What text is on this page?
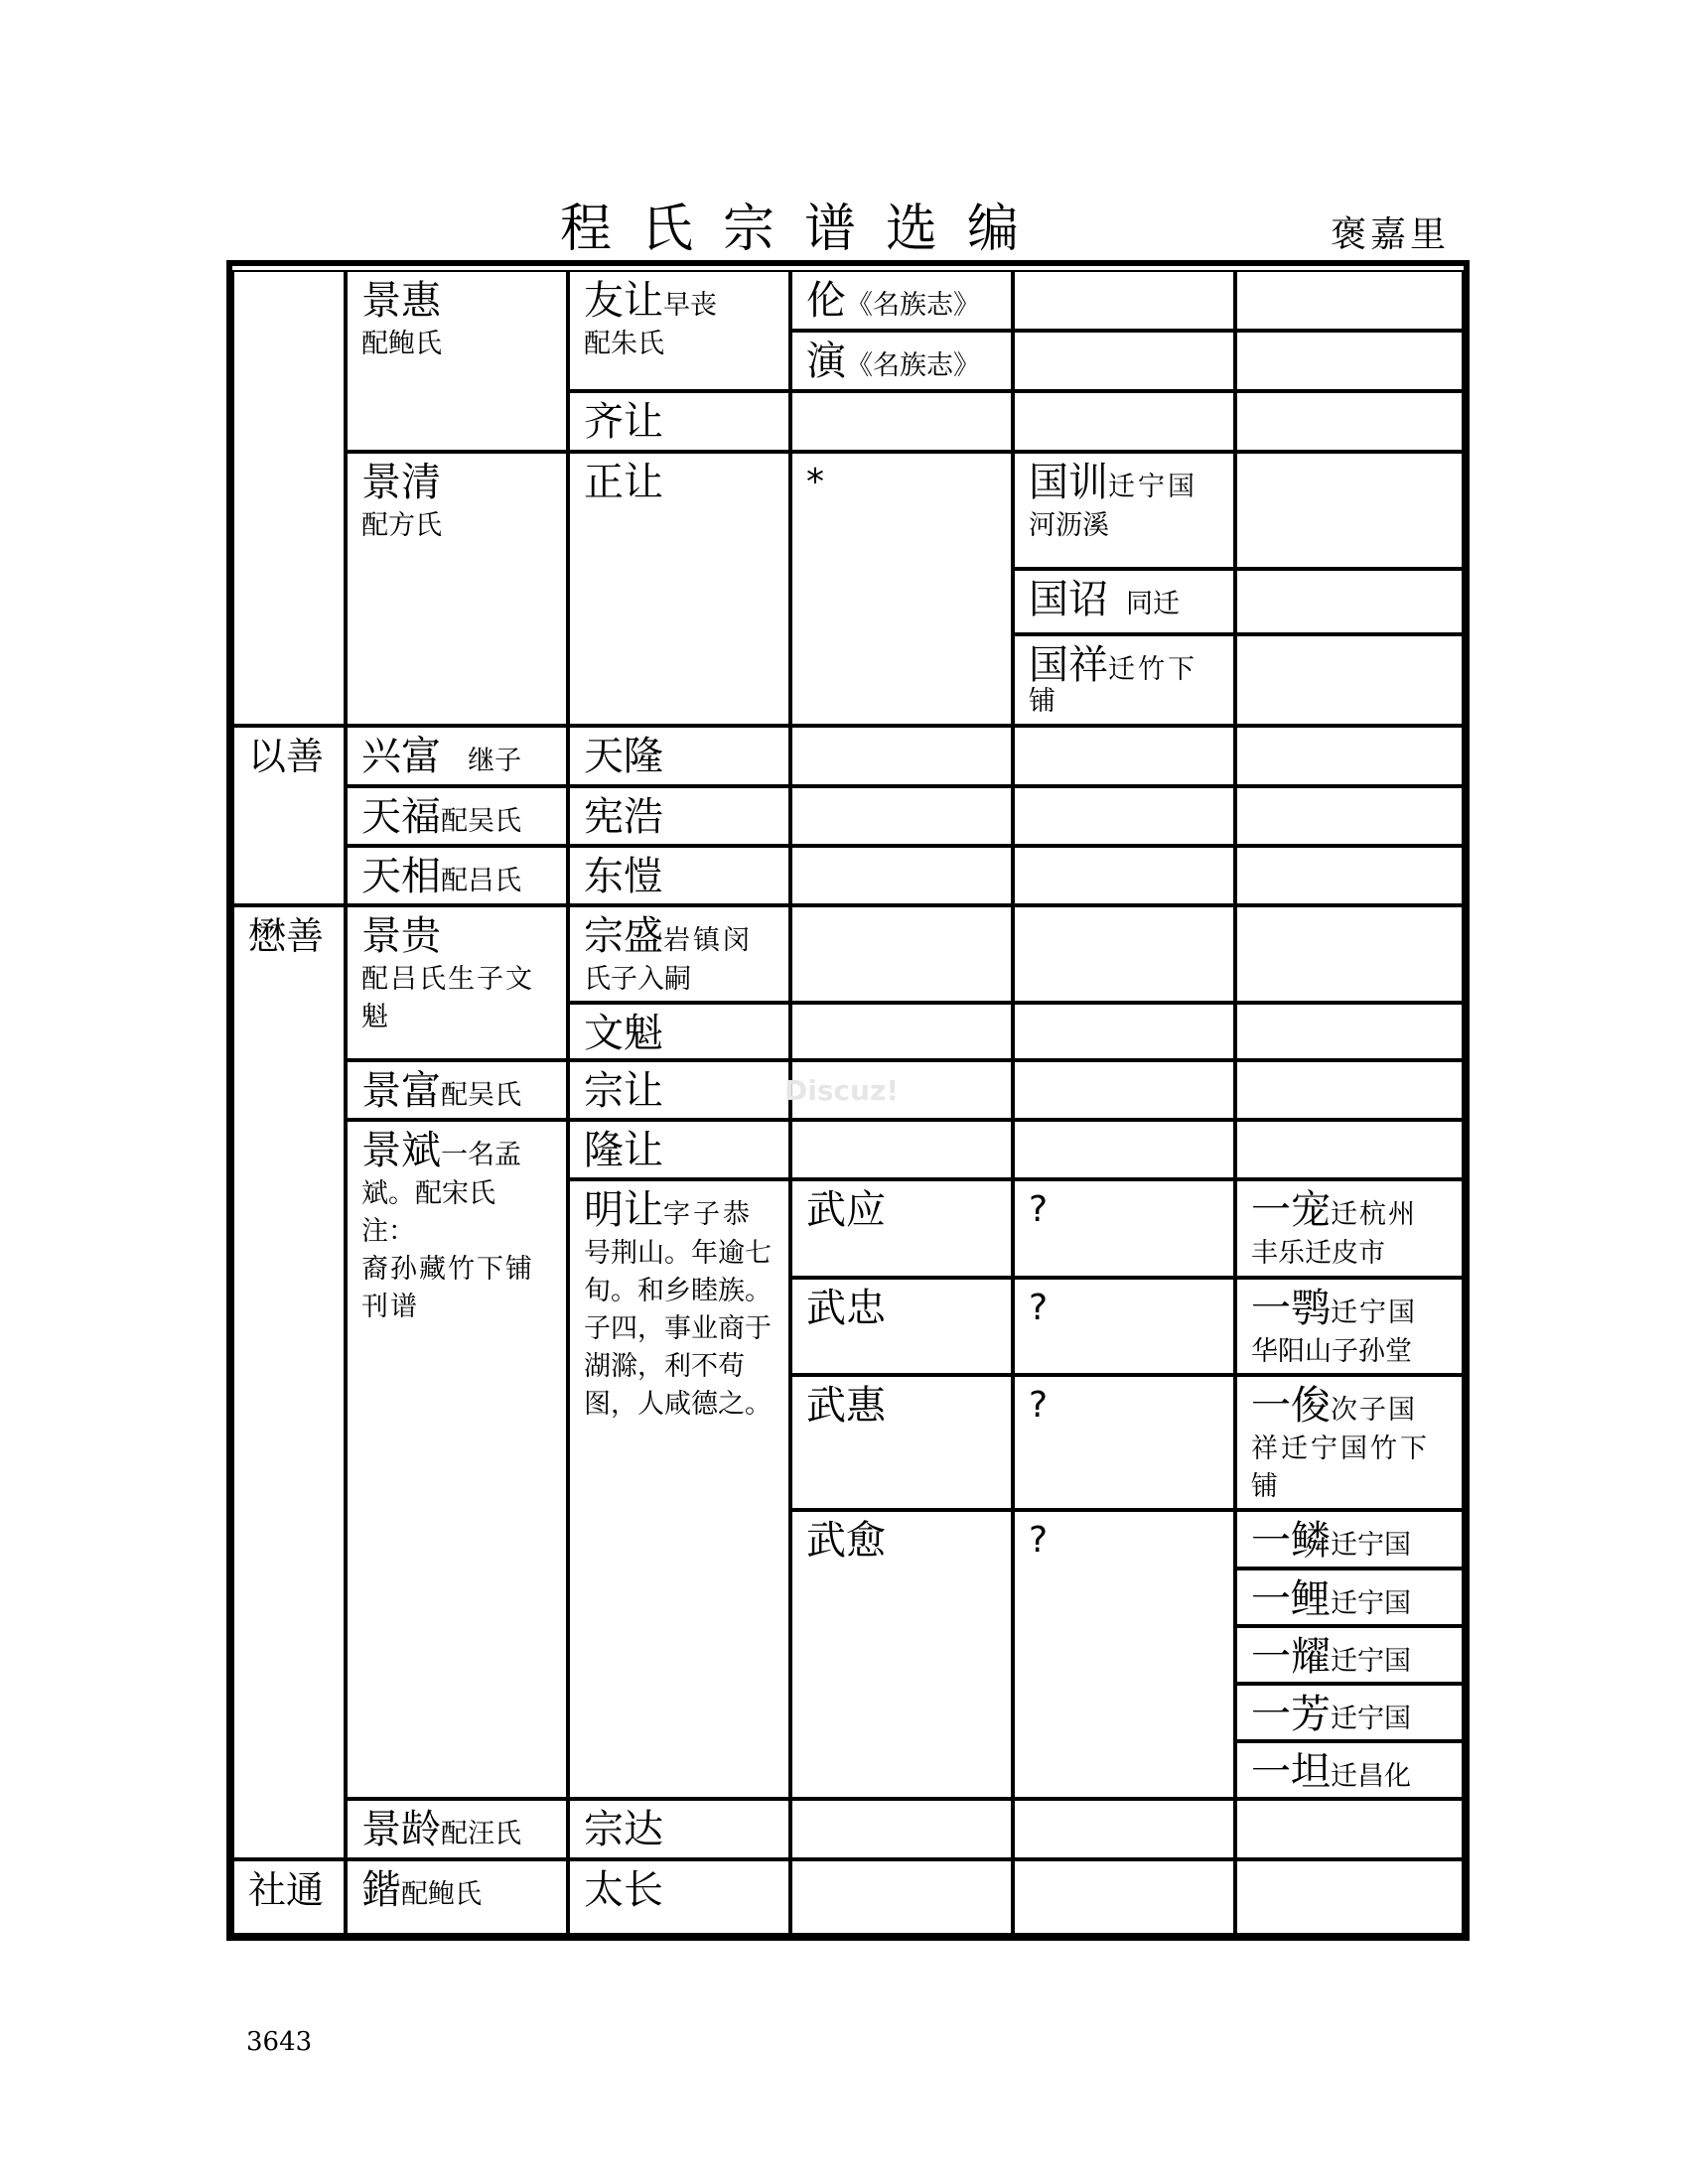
程氏宗谱选编	褒嘉里
以善
懋善
社通
景惠
配鲍氏
景清
配方氏
兴富 继子
天福配吴氏
天相配吕氏
景贵
配吕氏生子文魁
景富配吴氏
景斌一名孟
斌。配宋氏
注：
裔孙藏竹下铺刊谱
景龄配汪氏
鍇配鲍氏
友让早丧
配朱氏
齐让
正让
天隆
宪浩
东愷
宗盛岩镇闵
氏子入嗣
文魁
宗让
隆让
明让字子恭
号荆山。年逾七旬。和乡睦族。子四，事业商于湖滁，利不苟图，人咸德之。
宗达
太长
伦《名族志》
演《名族志》
*
武应
武忠
武惠
武愈
国训迁宁国
河沥溪
国诏 同迁
国祥迁竹下
铺
?
?
?
?
一宠迁杭州
丰乐迁皮市
一鹗迁宁国
华阳山子孙堂
一俊次子国
祥迁宁国竹下铺
一鳞迁宁国
一鲤迁宁国
一耀迁宁国
一芳迁宁国
一坦迁昌化
Discuz!
3643
